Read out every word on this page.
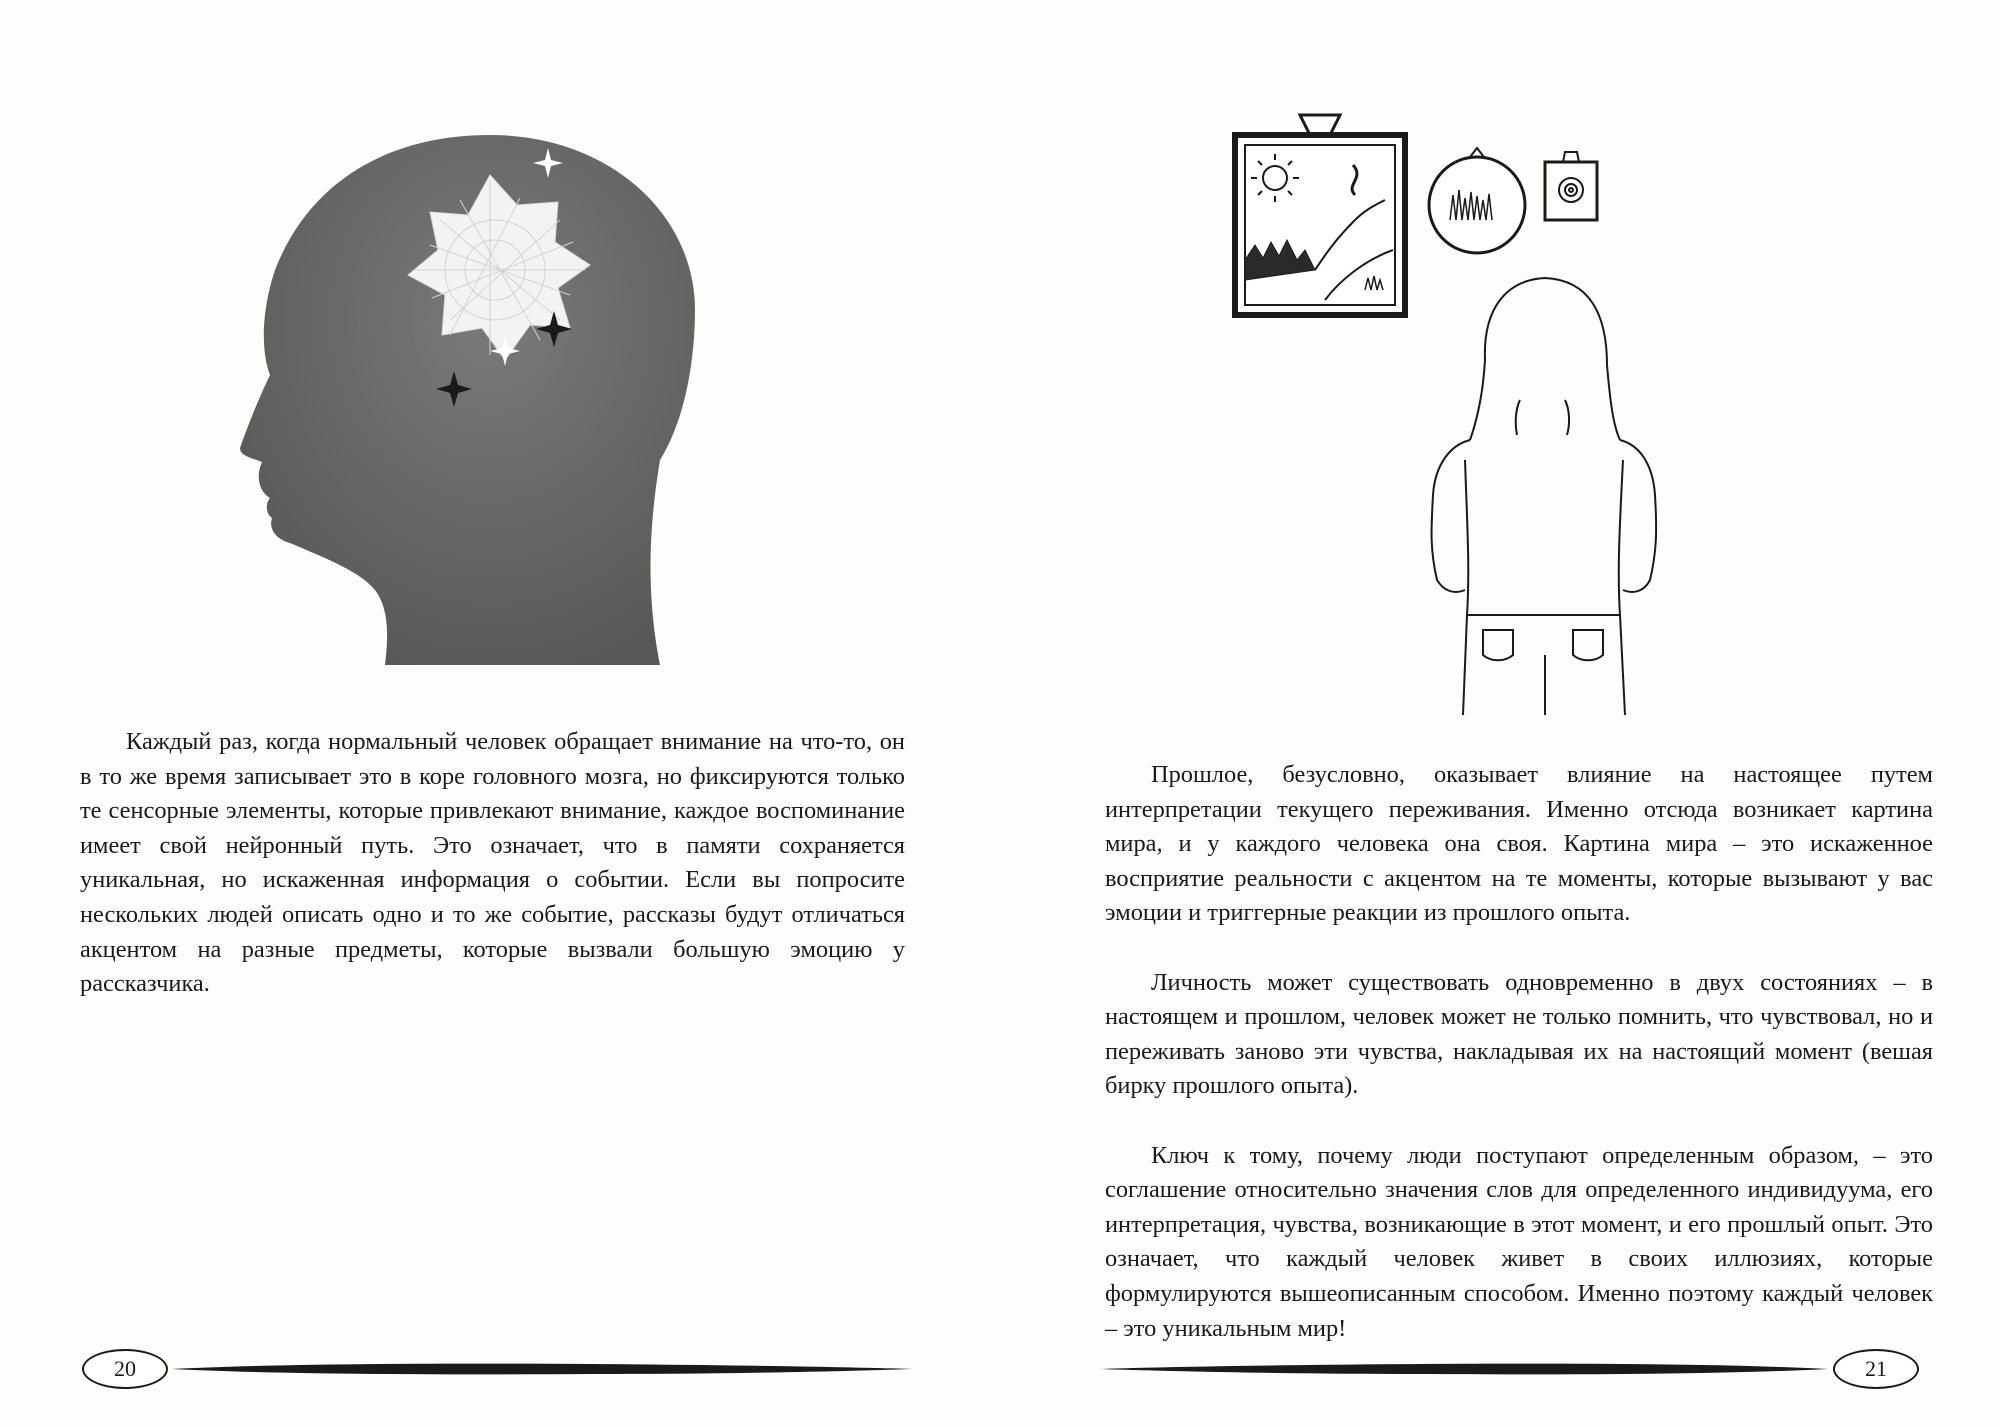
Каждый раз, когда нормальный человек обращает внимание на что-то, он в то же время записывает это в коре головного мозга, но фиксируются только те сенсорные элементы, которые привлекают внимание, каждое воспоминание имеет свой нейронный путь. Это означает, что в памяти сохраняется уникальная, но искаженная информация о событии. Если вы попросите нескольких людей описать одно и то же событие, рассказы будут отличаться акцентом на разные предметы, которые вызвали большую эмоцию у рассказчика.

20

Прошлое, безусловно, оказывает влияние на настоящее путем интерпретации текущего переживания. Именно отсюда возникает картина мира, и у каждого человека она своя. Картина мира – это искаженное восприятие реальности с акцентом на те моменты, которые вызывают у вас эмоции и триггерные реакции из прошлого опыта.

Личность может существовать одновременно в двух состояниях – в настоящем и прошлом, человек может не только помнить, что чувствовал, но и переживать заново эти чувства, накладывая их на настоящий момент (вешая бирку прошлого опыта).

Ключ к тому, почему люди поступают определенным образом, – это соглашение относительно значения слов для определенного индивидуума, его интерпретация, чувства, возникающие в этот момент, и его прошлый опыт. Это означает, что каждый человек живет в своих иллюзиях, которые формулируются вышеописанным способом. Именно поэтому каждый человек – это уникальным мир!

21
